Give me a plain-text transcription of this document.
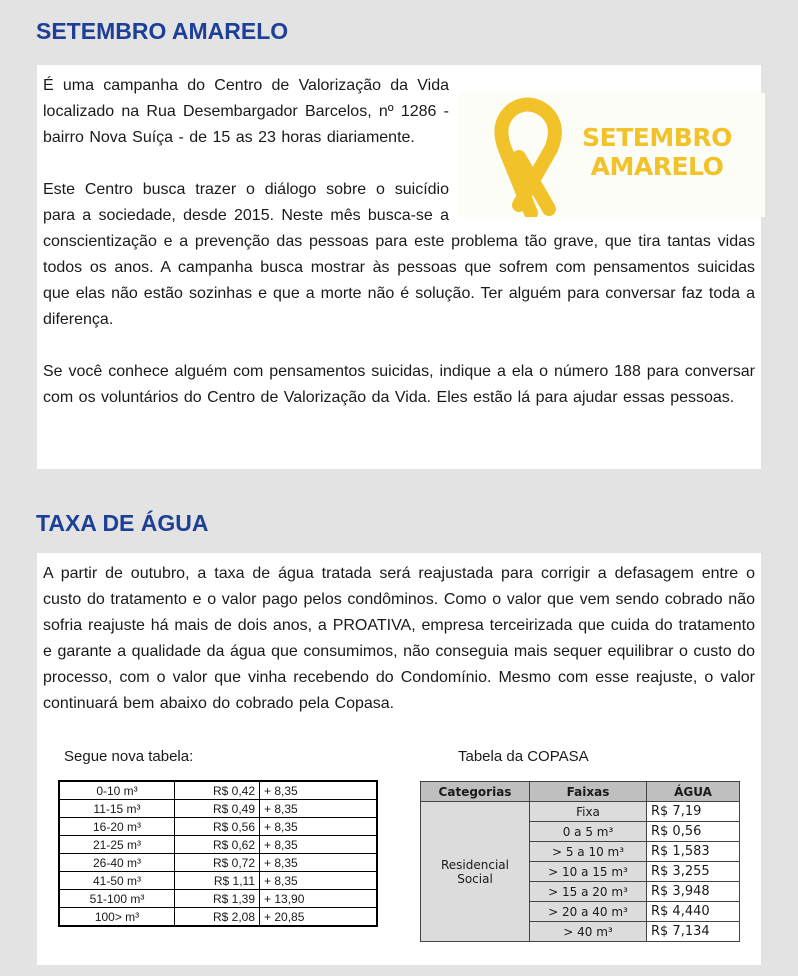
SETEMBRO AMARELO
SETEMBRO
AMARELO

É uma campanha do Centro de Valorização da Vida localizado na Rua Desembargador Barcelos, nº 1286 - bairro Nova Suíça - de 15 as 23 horas diariamente.

Este Centro busca trazer o diálogo sobre o suicídio para a sociedade, desde 2015. Neste mês busca-se a conscientização e a prevenção das pessoas para este problema tão grave, que tira tantas vidas todos os anos. A campanha busca mostrar às pessoas que sofrem com pensamentos suicidas que elas não estão sozinhas e que a morte não é solução. Ter alguém para conversar faz toda a diferença.

Se você conhece alguém com pensamentos suicidas, indique a ela o número 188 para conversar com os voluntários do Centro de Valorização da Vida. Eles estão lá para ajudar essas pessoas.

TAXA DE ÁGUA

A partir de outubro, a taxa de água tratada será reajustada para corrigir a defasagem entre o custo do tratamento e o valor pago pelos condôminos. Como o valor que vem sendo cobrado não sofria reajuste há mais de dois anos, a PROATIVA, empresa terceirizada que cuida do tratamento e garante a qualidade da água que consumimos, não conseguia mais sequer equilibrar o custo do processo, com o valor que vinha recebendo do Condomínio. Mesmo com esse reajuste, o valor continuará bem abaixo do cobrado pela Copasa.

Segue nova tabela:	Tabela da COPASA
0-10 m³	R$ 0,42	+ 8,35
11-15 m³	R$ 0,49	+ 8,35
16-20 m³	R$ 0,56	+ 8,35
21-25 m³	R$ 0,62	+ 8,35
26-40 m³	R$ 0,72	+ 8,35
41-50 m³	R$ 1,11	+ 8,35
51-100 m³	R$ 1,39	+ 13,90
100> m³	R$ 2,08	+ 20,85
Categorias	Faixas	ÁGUA
Residencial Social	Fixa	R$ 7,19
	0 a 5 m³	R$ 0,56
	> 5 a 10 m³	R$ 1,583
	> 10 a 15 m³	R$ 3,255
	> 15 a 20 m³	R$ 3,948
	> 20 a 40 m³	R$ 4,440
	> 40 m³	R$ 7,134
